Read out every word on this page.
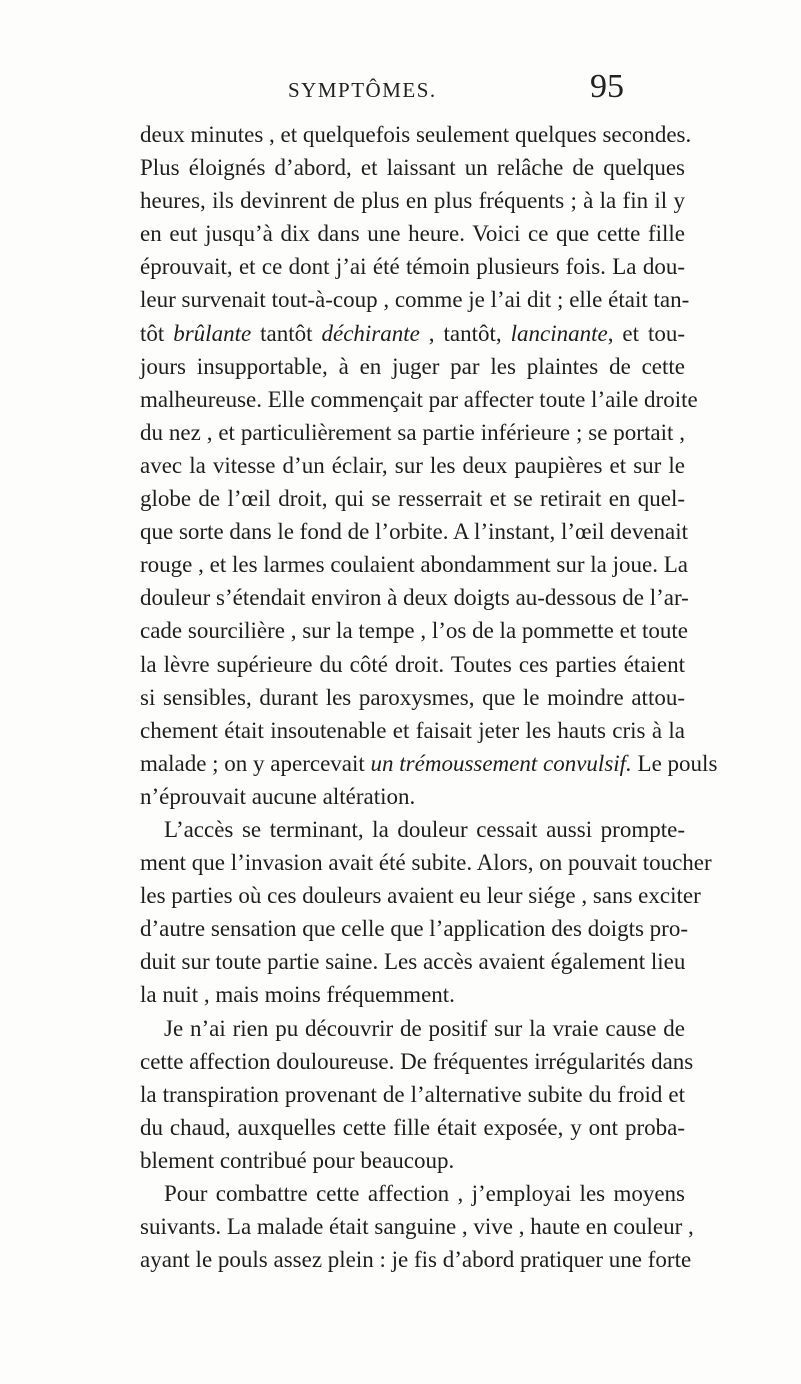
SYMPTÔMES.	95
deux minutes , et quelquefois seulement quelques secondes.
Plus éloignés d’abord, et laissant un relâche de quelques
heures, ils devinrent de plus en plus fréquents ; à la fin il y
en eut jusqu’à dix dans une heure. Voici ce que cette fille
éprouvait, et ce dont j’ai été témoin plusieurs fois. La dou-
leur survenait tout-à-coup , comme je l’ai dit ; elle était tan-
tôt brûlante tantôt déchirante , tantôt, lancinante, et tou-
jours insupportable, à en juger par les plaintes de cette
malheureuse. Elle commençait par affecter toute l’aile droite
du nez , et particulièrement sa partie inférieure ; se portait ,
avec la vitesse d’un éclair, sur les deux paupières et sur le
globe de l’œil droit, qui se resserrait et se retirait en quel-
que sorte dans le fond de l’orbite. A l’instant, l’œil devenait
rouge , et les larmes coulaient abondamment sur la joue. La
douleur s’étendait environ à deux doigts au-dessous de l’ar-
cade sourcilière , sur la tempe , l’os de la pommette et toute
la lèvre supérieure du côté droit. Toutes ces parties étaient
si sensibles, durant les paroxysmes, que le moindre attou-
chement était insoutenable et faisait jeter les hauts cris à la
malade ; on y apercevait un trémoussement convulsif. Le pouls
n’éprouvait aucune altération.
L’accès se terminant, la douleur cessait aussi prompte-
ment que l’invasion avait été subite. Alors, on pouvait toucher
les parties où ces douleurs avaient eu leur siége , sans exciter
d’autre sensation que celle que l’application des doigts pro-
duit sur toute partie saine. Les accès avaient également lieu
la nuit , mais moins fréquemment.
Je n’ai rien pu découvrir de positif sur la vraie cause de
cette affection douloureuse. De fréquentes irrégularités dans
la transpiration provenant de l’alternative subite du froid et
du chaud, auxquelles cette fille était exposée, y ont proba-
blement contribué pour beaucoup.
Pour combattre cette affection , j’employai les moyens
suivants. La malade était sanguine , vive , haute en couleur ,
ayant le pouls assez plein : je fis d’abord pratiquer une forte
